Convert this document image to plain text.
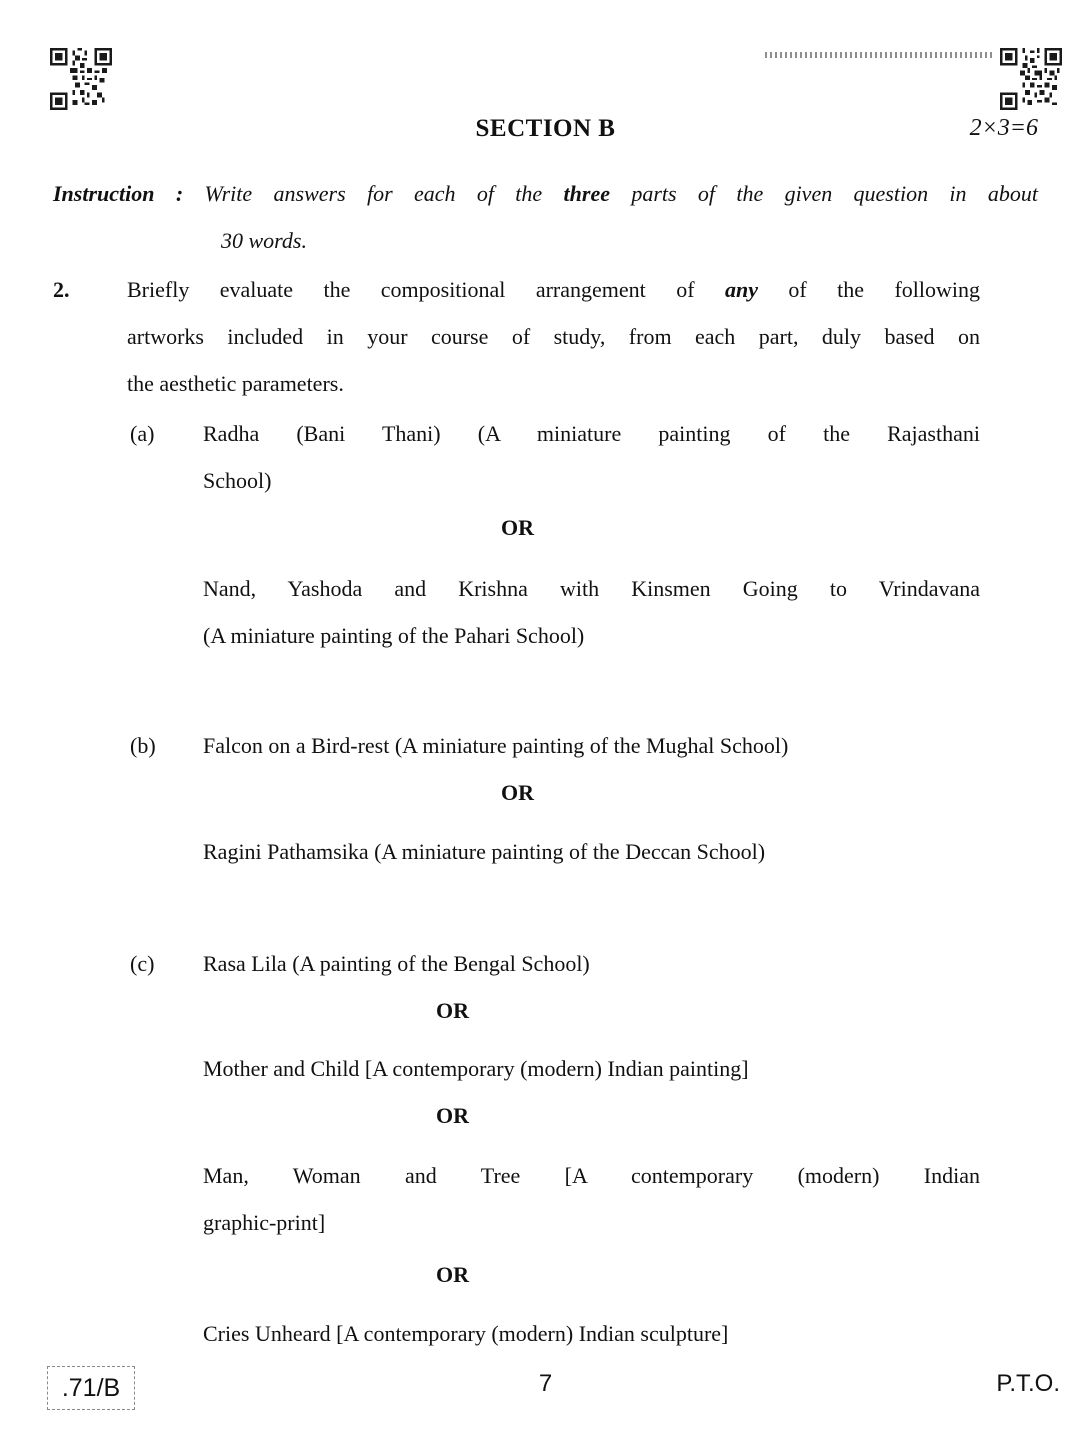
SECTION B	2×3=6
Instruction : Write answers for each of the three parts of the given question in about
30 words.
2.	Briefly evaluate the compositional arrangement of any of the following
artworks included in your course of study, from each part, duly based on
the aesthetic parameters.
(a) Radha (Bani Thani) (A miniature painting of the Rajasthani
School)
OR
Nand, Yashoda and Krishna with Kinsmen Going to Vrindavana
(A miniature painting of the Pahari School)
(b) Falcon on a Bird-rest (A miniature painting of the Mughal School)
OR
Ragini Pathamsika (A miniature painting of the Deccan School)
(c) Rasa Lila (A painting of the Bengal School)
OR
Mother and Child [A contemporary (modern) Indian painting]
OR
Man, Woman and Tree [A contemporary (modern) Indian
graphic-print]
OR
Cries Unheard [A contemporary (modern) Indian sculpture]
.71/B	7	P.T.O.
